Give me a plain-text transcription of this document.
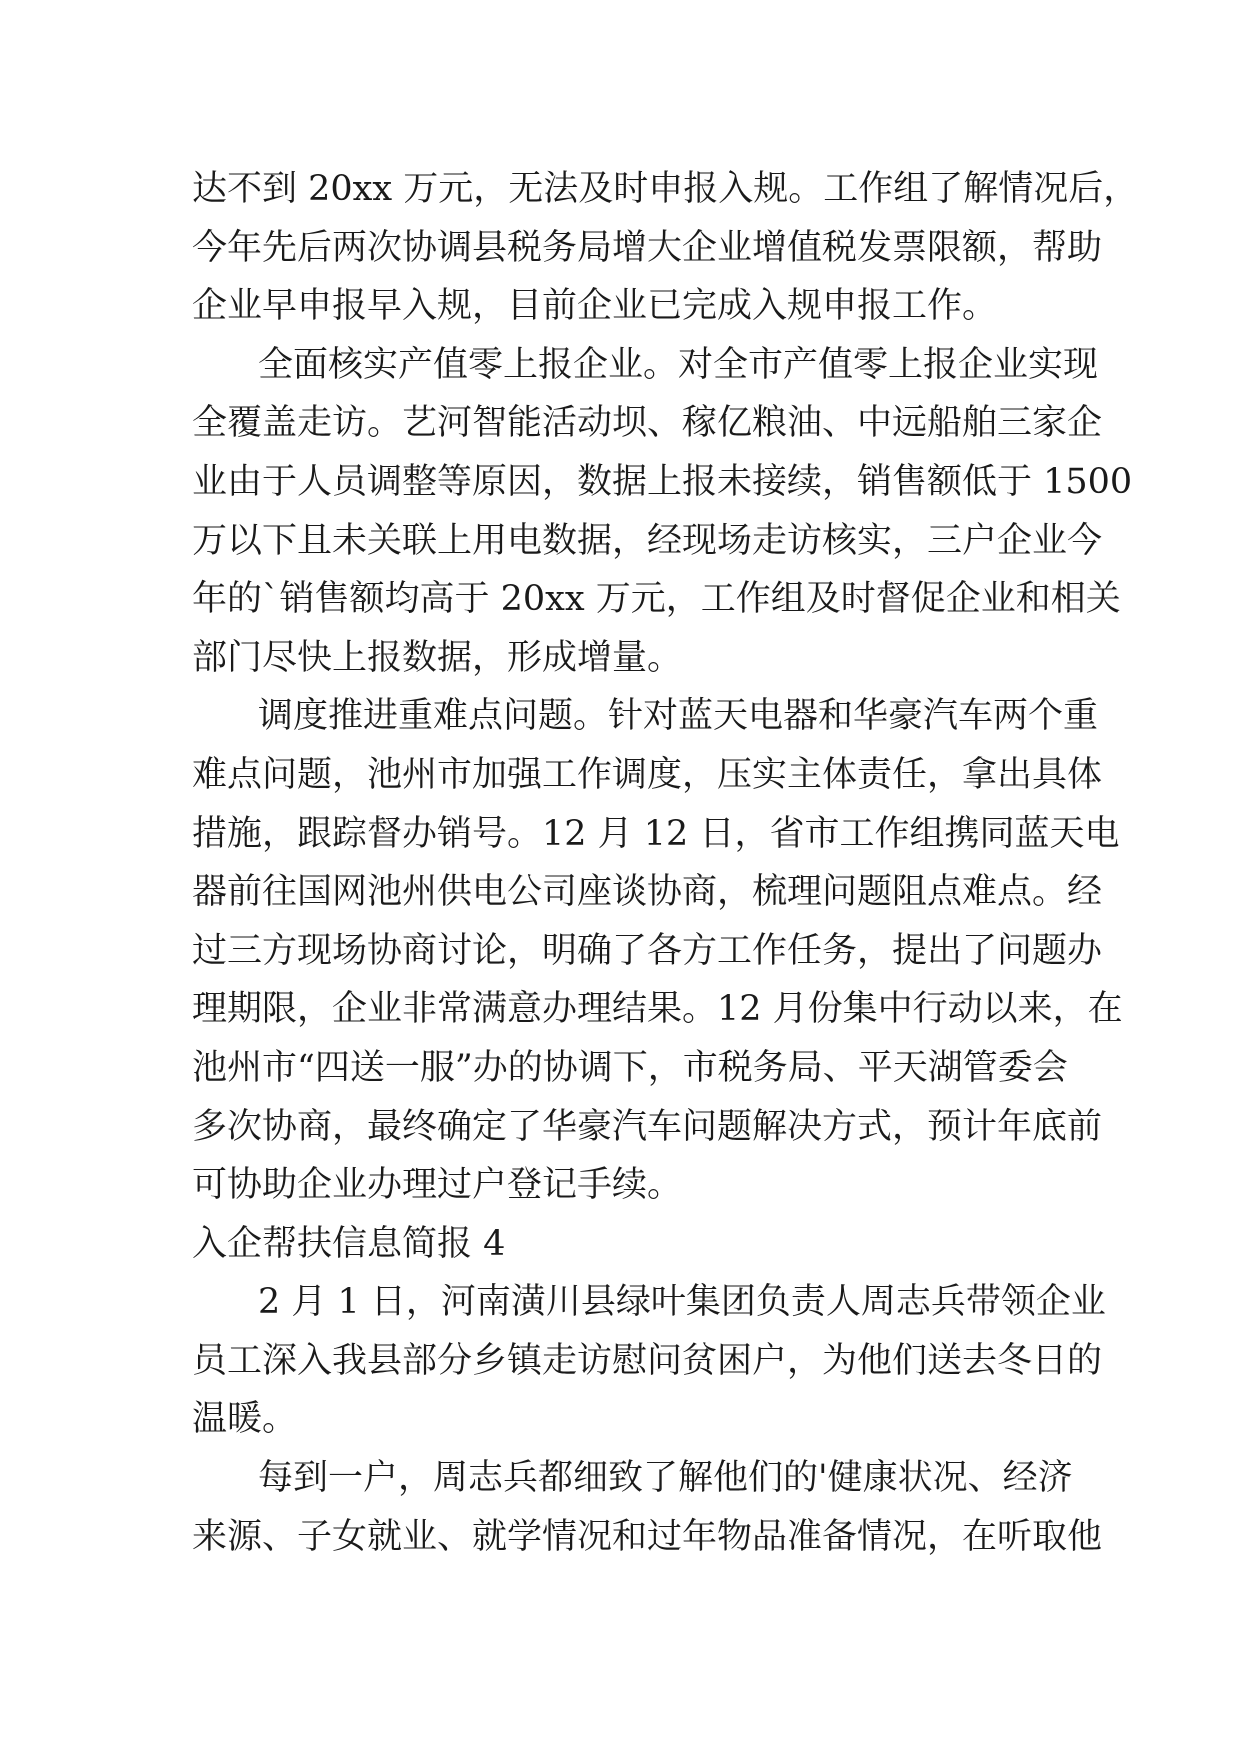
达不到 20xx 万元，无法及时申报入规。工作组了解情况后，
今年先后两次协调县税务局增大企业增值税发票限额，帮助
企业早申报早入规，目前企业已完成入规申报工作。
全面核实产值零上报企业。对全市产值零上报企业实现
全覆盖走访。艺河智能活动坝、稼亿粮油、中远船舶三家企
业由于人员调整等原因，数据上报未接续，销售额低于 1500
万以下且未关联上用电数据，经现场走访核实，三户企业今
年的`销售额均高于 20xx 万元，工作组及时督促企业和相关
部门尽快上报数据，形成增量。
调度推进重难点问题。针对蓝天电器和华豪汽车两个重
难点问题，池州市加强工作调度，压实主体责任，拿出具体
措施，跟踪督办销号。12 月 12 日，省市工作组携同蓝天电
器前往国网池州供电公司座谈协商，梳理问题阻点难点。经
过三方现场协商讨论，明确了各方工作任务，提出了问题办
理期限，企业非常满意办理结果。12 月份集中行动以来，在
池州市“四送一服”办的协调下，市税务局、平天湖管委会
多次协商，最终确定了华豪汽车问题解决方式，预计年底前
可协助企业办理过户登记手续。
入企帮扶信息简报 4
2 月 1 日，河南潢川县绿叶集团负责人周志兵带领企业
员工深入我县部分乡镇走访慰问贫困户，为他们送去冬日的
温暖。
每到一户，周志兵都细致了解他们的'健康状况、经济
来源、子女就业、就学情况和过年物品准备情况，在听取他
